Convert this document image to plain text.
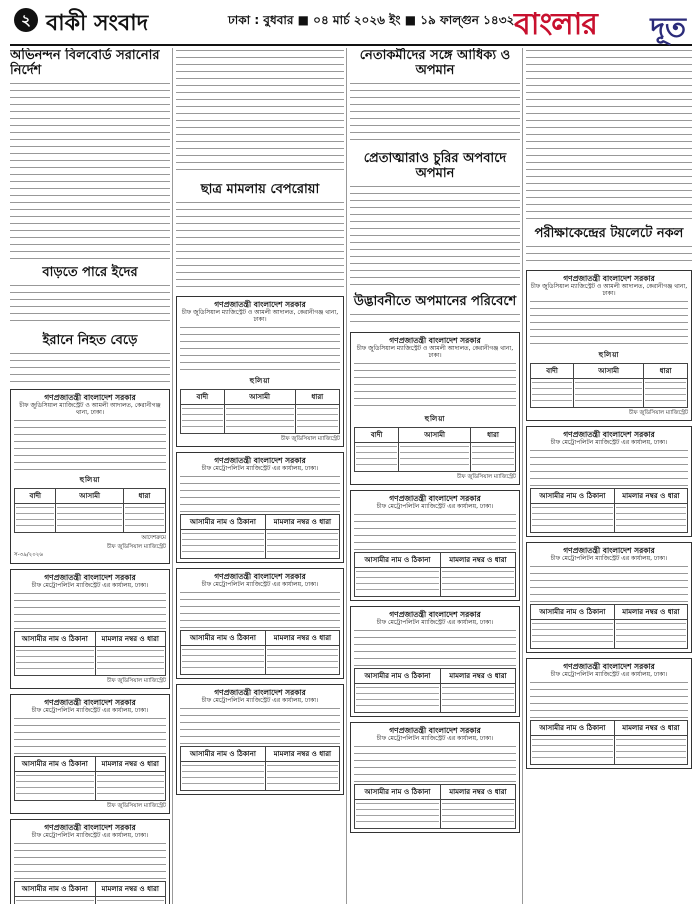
২ বাকী সংবাদ	ঢাকা : বুধবার ■ ০৪ মার্চ ২০২৬ ইং ■ ১৯ ফাল্গুন ১৪৩২ বাংলার দূত
অভিনন্দন বিলবোর্ড সরানোর নির্দেশ
বাড়তে পারে ইদের
ইরানে নিহত বেড়ে
গণপ্রজাতন্ত্রী বাংলাদেশ সরকার
চীফ জুডিসিয়াল ম্যাজিস্ট্রেট ও আমলী আদালত, কেরানীগঞ্জ থানা, ঢাকা।
হুলিয়া
বাদী	আসামী	ধারা

আদেশক্রমে
চীফ জুডিসিয়াল ম্যাজিস্ট্রেট
স-৩৯/২০২৬
গণপ্রজাতন্ত্রী বাংলাদেশ সরকার
চীফ মেট্রোপলিটন ম্যাজিস্ট্রেট এর কার্যালয়, ঢাকা।
আসামীর নাম ও ঠিকানা	মামলার নম্বর ও ধারা

চীফ জুডিসিয়াল ম্যাজিস্ট্রেট
গণপ্রজাতন্ত্রী বাংলাদেশ সরকার
চীফ মেট্রোপলিটন ম্যাজিস্ট্রেট এর কার্যালয়, ঢাকা।
আসামীর নাম ও ঠিকানা	মামলার নম্বর ও ধারা

চীফ জুডিসিয়াল ম্যাজিস্ট্রেট
গণপ্রজাতন্ত্রী বাংলাদেশ সরকার
চীফ মেট্রোপলিটন ম্যাজিস্ট্রেট এর কার্যালয়, ঢাকা।
আসামীর নাম ও ঠিকানা	মামলার নম্বর ও ধারা

ছাত্র মামলায় বেপরোয়া
গণপ্রজাতন্ত্রী বাংলাদেশ সরকার
চীফ জুডিসিয়াল ম্যাজিস্ট্রেট ও আমলী আদালত, কেরানীগঞ্জ থানা, ঢাকা।
হুলিয়া
বাদী	আসামী	ধারা

চীফ জুডিসিয়াল ম্যাজিস্ট্রেট
গণপ্রজাতন্ত্রী বাংলাদেশ সরকার
চীফ মেট্রোপলিটন ম্যাজিস্ট্রেট এর কার্যালয়, ঢাকা।
আসামীর নাম ও ঠিকানা	মামলার নম্বর ও ধারা

গণপ্রজাতন্ত্রী বাংলাদেশ সরকার
চীফ মেট্রোপলিটন ম্যাজিস্ট্রেট এর কার্যালয়, ঢাকা।
আসামীর নাম ও ঠিকানা	মামলার নম্বর ও ধারা

গণপ্রজাতন্ত্রী বাংলাদেশ সরকার
চীফ মেট্রোপলিটন ম্যাজিস্ট্রেট এর কার্যালয়, ঢাকা।
আসামীর নাম ও ঠিকানা	মামলার নম্বর ও ধারা

নেতাকর্মীদের সঙ্গে আধিক্য ও অপমান
প্রেতাত্মারাও চুরির অপবাদে অপমান
উদ্ভাবনীতে অপমানের পরিবেশে
গণপ্রজাতন্ত্রী বাংলাদেশ সরকার
চীফ জুডিসিয়াল ম্যাজিস্ট্রেট ও আমলী আদালত, কেরানীগঞ্জ থানা, ঢাকা।
হুলিয়া
বাদী	আসামী	ধারা

চীফ জুডিসিয়াল ম্যাজিস্ট্রেট
গণপ্রজাতন্ত্রী বাংলাদেশ সরকার
চীফ মেট্রোপলিটন ম্যাজিস্ট্রেট এর কার্যালয়, ঢাকা।
আসামীর নাম ও ঠিকানা	মামলার নম্বর ও ধারা

গণপ্রজাতন্ত্রী বাংলাদেশ সরকার
চীফ মেট্রোপলিটন ম্যাজিস্ট্রেট এর কার্যালয়, ঢাকা।
আসামীর নাম ও ঠিকানা	মামলার নম্বর ও ধারা

গণপ্রজাতন্ত্রী বাংলাদেশ সরকার
চীফ মেট্রোপলিটন ম্যাজিস্ট্রেট এর কার্যালয়, ঢাকা।
আসামীর নাম ও ঠিকানা	মামলার নম্বর ও ধারা

পরীক্ষাকেন্দ্রের টয়লেটে নকল
গণপ্রজাতন্ত্রী বাংলাদেশ সরকার
চীফ জুডিসিয়াল ম্যাজিস্ট্রেট ও আমলী আদালত, কেরানীগঞ্জ থানা, ঢাকা।
হুলিয়া
বাদী	আসামী	ধারা

চীফ জুডিসিয়াল ম্যাজিস্ট্রেট
গণপ্রজাতন্ত্রী বাংলাদেশ সরকার
চীফ মেট্রোপলিটন ম্যাজিস্ট্রেট এর কার্যালয়, ঢাকা।
আসামীর নাম ও ঠিকানা	মামলার নম্বর ও ধারা

গণপ্রজাতন্ত্রী বাংলাদেশ সরকার
চীফ মেট্রোপলিটন ম্যাজিস্ট্রেট এর কার্যালয়, ঢাকা।
আসামীর নাম ও ঠিকানা	মামলার নম্বর ও ধারা

গণপ্রজাতন্ত্রী বাংলাদেশ সরকার
চীফ মেট্রোপলিটন ম্যাজিস্ট্রেট এর কার্যালয়, ঢাকা।
আসামীর নাম ও ঠিকানা	মামলার নম্বর ও ধারা
